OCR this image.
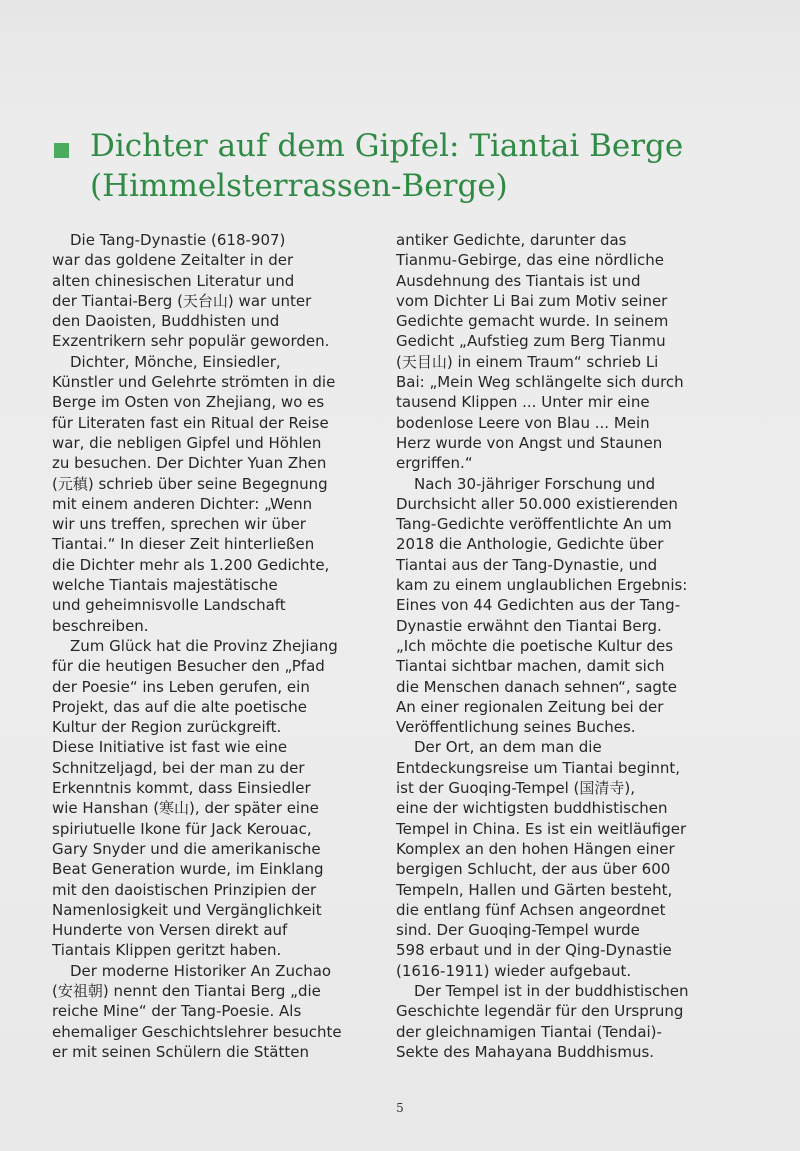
Dichter auf dem Gipfel: Tiantai Berge
(Himmelsterrassen-Berge)

Die Tang-Dynastie (618-907)
war das goldene Zeitalter in der
alten chinesischen Literatur und
der Tiantai-Berg (天台山) war unter
den Daoisten, Buddhisten und
Exzentrikern sehr populär geworden.

Dichter, Mönche, Einsiedler,
Künstler und Gelehrte strömten in die
Berge im Osten von Zhejiang, wo es
für Literaten fast ein Ritual der Reise
war, die nebligen Gipfel und Höhlen
zu besuchen. Der Dichter Yuan Zhen
(元稹) schrieb über seine Begegnung
mit einem anderen Dichter: „Wenn
wir uns treffen, sprechen wir über
Tiantai.“ In dieser Zeit hinterließen
die Dichter mehr als 1.200 Gedichte,
welche Tiantais majestätische
und geheimnisvolle Landschaft
beschreiben.

Zum Glück hat die Provinz Zhejiang
für die heutigen Besucher den „Pfad
der Poesie“ ins Leben gerufen, ein
Projekt, das auf die alte poetische
Kultur der Region zurückgreift.
Diese Initiative ist fast wie eine
Schnitzeljagd, bei der man zu der
Erkenntnis kommt, dass Einsiedler
wie Hanshan (寒山), der später eine
spiriutuelle Ikone für Jack Kerouac,
Gary Snyder und die amerikanische
Beat Generation wurde, im Einklang
mit den daoistischen Prinzipien der
Namenlosigkeit und Vergänglichkeit
Hunderte von Versen direkt auf
Tiantais Klippen geritzt haben.

Der moderne Historiker An Zuchao
(安祖朝) nennt den Tiantai Berg „die
reiche Mine“ der Tang-Poesie. Als
ehemaliger Geschichtslehrer besuchte
er mit seinen Schülern die Stätten

antiker Gedichte, darunter das
Tianmu-Gebirge, das eine nördliche
Ausdehnung des Tiantais ist und
vom Dichter Li Bai zum Motiv seiner
Gedichte gemacht wurde. In seinem
Gedicht „Aufstieg zum Berg Tianmu
(天目山) in einem Traum“ schrieb Li
Bai: „Mein Weg schlängelte sich durch
tausend Klippen ... Unter mir eine
bodenlose Leere von Blau ... Mein
Herz wurde von Angst und Staunen
ergriffen.“

Nach 30-jähriger Forschung und
Durchsicht aller 50.000 existierenden
Tang-Gedichte veröffentlichte An um
2018 die Anthologie, Gedichte über
Tiantai aus der Tang-Dynastie, und
kam zu einem unglaublichen Ergebnis:
Eines von 44 Gedichten aus der Tang-
Dynastie erwähnt den Tiantai Berg.
„Ich möchte die poetische Kultur des
Tiantai sichtbar machen, damit sich
die Menschen danach sehnen“, sagte
An einer regionalen Zeitung bei der
Veröffentlichung seines Buches.

Der Ort, an dem man die
Entdeckungsreise um Tiantai beginnt,
ist der Guoqing-Tempel (国清寺),
eine der wichtigsten buddhistischen
Tempel in China. Es ist ein weitläufiger
Komplex an den hohen Hängen einer
bergigen Schlucht, der aus über 600
Tempeln, Hallen und Gärten besteht,
die entlang fünf Achsen angeordnet
sind. Der Guoqing-Tempel wurde
598 erbaut und in der Qing-Dynastie
(1616-1911) wieder aufgebaut.

Der Tempel ist in der buddhistischen
Geschichte legendär für den Ursprung
der gleichnamigen Tiantai (Tendai)-
Sekte des Mahayana Buddhismus.

5
